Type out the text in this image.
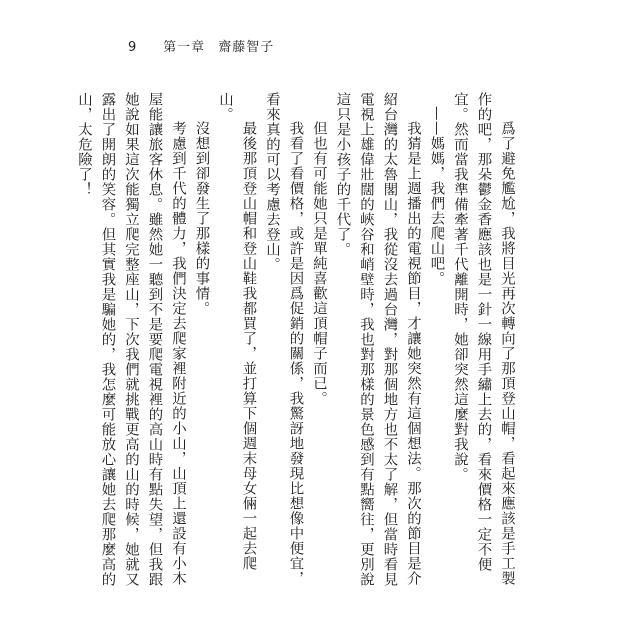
9 第一章 齋藤智子

爲了避免尷尬，我將目光再次轉向了那頂登山帽，看起來應該是手工製作的吧，那朵鬱金香應該也是一針一線用手繡上去的，看來價格一定不便宜。然而當我準備牽著千代離開時，她卻突然這麼對我說。

——媽媽，我們去爬山吧。

我猜是上週播出的電視節目，才讓她突然有這個想法。那次的節目是介紹台灣的太魯閣山，我從沒去過台灣，對那個地方也不太了解，但當時看見電視上雄偉壯闊的峽谷和峭壁時，我也對那樣的景色感到有點嚮往，更別說這只是小孩子的千代了。

但也有可能她只是單純喜歡這頂帽子而已。

我看了看價格，或許是因爲促銷的關係，我驚訝地發現比想像中便宜，看來真的可以考慮去登山。

最後那頂登山帽和登山鞋我都買了，並打算下個週末母女倆一起去爬山。

沒想到卻發生了那樣的事情。

考慮到千代的體力，我們決定去爬家裡附近的小山，山頂上還設有小木屋能讓旅客休息。雖然她一聽到不是要爬電視裡的高山時有點失望，但我跟她說如果這次能獨立爬完整座山，下次我們就挑戰更高的山的時候，她就又露出了開朗的笑容。但其實我是騙她的，我怎麼可能放心讓她去爬那麼高的山，太危險了！
